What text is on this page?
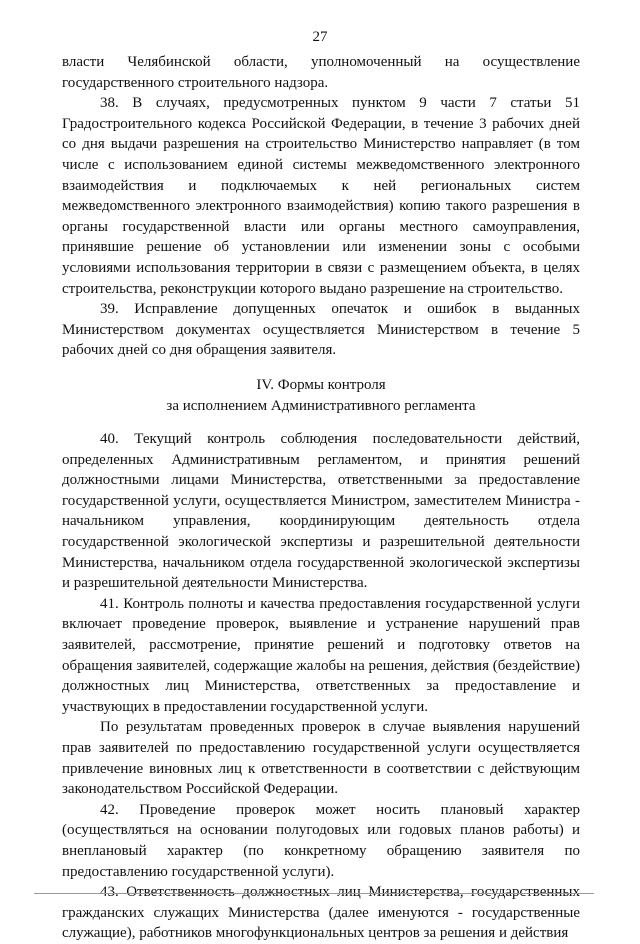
27

власти Челябинской области, уполномоченный на осуществление государственного строительного надзора.

38. В случаях, предусмотренных пунктом 9 части 7 статьи 51 Градостроительного кодекса Российской Федерации, в течение 3 рабочих дней со дня выдачи разрешения на строительство Министерство направляет (в том числе с использованием единой системы межведомственного электронного взаимодействия и подключаемых к ней региональных систем межведомственного электронного взаимодействия) копию такого разрешения в органы государственной власти или органы местного самоуправления, принявшие решение об установлении или изменении зоны с особыми условиями использования территории в связи с размещением объекта, в целях строительства, реконструкции которого выдано разрешение на строительство.

39. Исправление допущенных опечаток и ошибок в выданных Министерством документах осуществляется Министерством в течение 5 рабочих дней со дня обращения заявителя.

IV. Формы контроля
за исполнением Административного регламента

40. Текущий контроль соблюдения последовательности действий, определенных Административным регламентом, и принятия решений должностными лицами Министерства, ответственными за предоставление государственной услуги, осуществляется Министром, заместителем Министра - начальником управления, координирующим деятельность отдела государственной экологической экспертизы и разрешительной деятельности Министерства, начальником отдела государственной экологической экспертизы и разрешительной деятельности Министерства.

41. Контроль полноты и качества предоставления государственной услуги включает проведение проверок, выявление и устранение нарушений прав заявителей, рассмотрение, принятие решений и подготовку ответов на обращения заявителей, содержащие жалобы на решения, действия (бездействие) должностных лиц Министерства, ответственных за предоставление и участвующих в предоставлении государственной услуги.

По результатам проведенных проверок в случае выявления нарушений прав заявителей по предоставлению государственной услуги осуществляется привлечение виновных лиц к ответственности в соответствии с действующим законодательством Российской Федерации.

42. Проведение проверок может носить плановый характер (осуществляться на основании полугодовых или годовых планов работы) и внеплановый характер (по конкретному обращению заявителя по предоставлению государственной услуги).

43. Ответственность должностных лиц Министерства, государственных гражданских служащих Министерства (далее именуются - государственные служащие), работников многофункциональных центров за решения и действия
